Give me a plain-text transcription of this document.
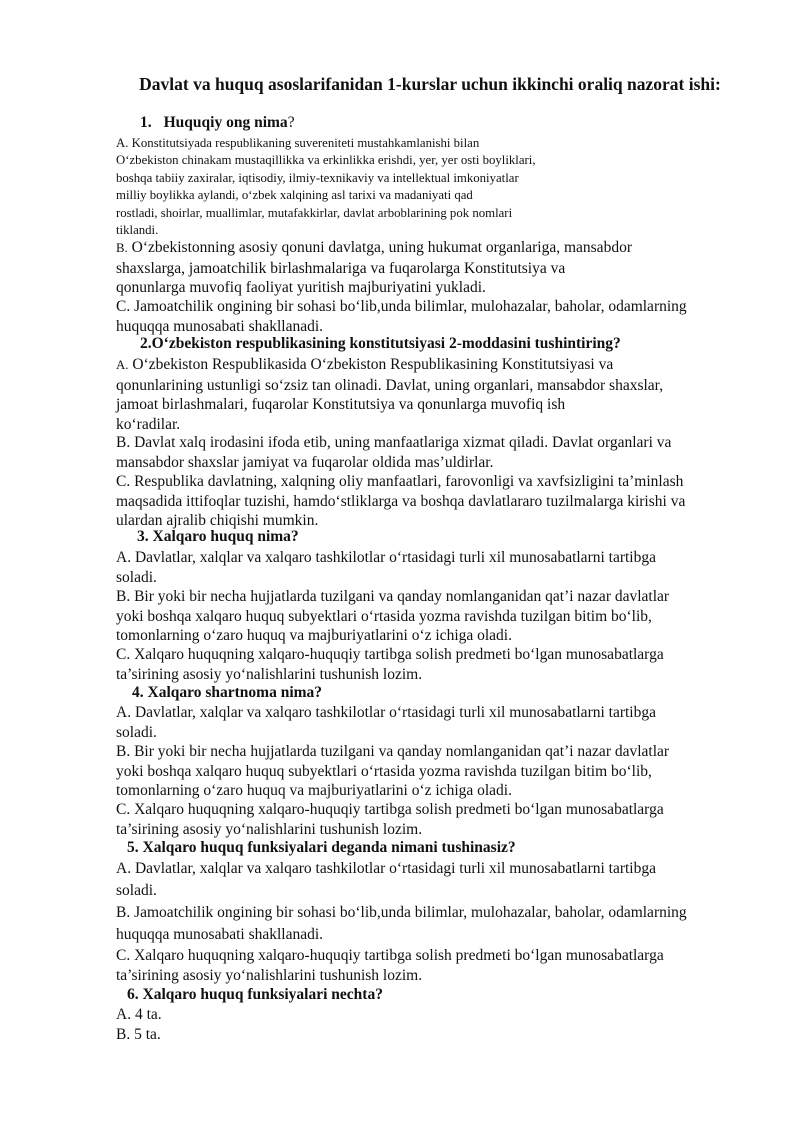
Davlat va huquq asoslarifanidan 1-kurslar uchun ikkinchi oraliq nazorat ishi:
1. Huquqiy ong nima?
A. Konstitutsiyada respublikaning suvereniteti mustahkamlanishi bilan
O‘zbekiston chinakam mustaqillikka va erkinlikka erishdi, yer, yer osti boyliklari,
boshqa tabiiy zaxiralar, iqtisodiy, ilmiy-texnikaviy va intellektual imkoniyatlar
milliy boylikka aylandi, o‘zbek xalqining asl tarixi va madaniyati qad
rostladi, shoirlar, muallimlar, mutafakkirlar, davlat arboblarining pok nomlari
tiklandi.
B. O‘zbekistonning asosiy qonuni davlatga, uning hukumat organlariga, mansabdor
shaxslarga, jamoatchilik birlashmalariga va fuqarolarga Konstitutsiya va
qonunlarga muvofiq faoliyat yuritish majburiyatini yukladi.
C. Jamoatchilik ongining bir sohasi bo‘lib,unda bilimlar, mulohazalar, baholar, odamlarning
huquqqa munosabati shakllanadi.
2.O‘zbekiston respublikasining konstitutsiyasi 2-moddasini tushintiring?
A. O‘zbekiston Respublikasida O‘zbekiston Respublikasining Konstitutsiyasi va
qonunlarining ustunligi so‘zsiz tan olinadi. Davlat, uning organlari, mansabdor shaxslar,
jamoat birlashmalari, fuqarolar Konstitutsiya va qonunlarga muvofiq ish
ko‘radilar.
B. Davlat xalq irodasini ifoda etib, uning manfaatlariga xizmat qiladi. Davlat organlari va
mansabdor shaxslar jamiyat va fuqarolar oldida mas’uldirlar.
C. Respublika davlatning, xalqning oliy manfaatlari, farovonligi va xavfsizligini ta’minlash
maqsadida ittifoqlar tuzishi, hamdo‘stliklarga va boshqa davlatlararo tuzilmalarga kirishi va
ulardan ajralib chiqishi mumkin.
3. Xalqaro huquq nima?
A. Davlatlar, xalqlar va xalqaro tashkilotlar o‘rtasidagi turli xil munosabatlarni tartibga
soladi.
B. Bir yoki bir necha hujjatlarda tuzilgani va qanday nomlanganidan qat’i nazar davlatlar
yoki boshqa xalqaro huquq subyektlari o‘rtasida yozma ravishda tuzilgan bitim bo‘lib,
tomonlarning o‘zaro huquq va majburiyatlarini o‘z ichiga oladi.
C. Xalqaro huquqning xalqaro-huquqiy tartibga solish predmeti bo‘lgan munosabatlarga
ta’sirining asosiy yo‘nalishlarini tushunish lozim.
4. Xalqaro shartnoma nima?
A. Davlatlar, xalqlar va xalqaro tashkilotlar o‘rtasidagi turli xil munosabatlarni tartibga
soladi.
B. Bir yoki bir necha hujjatlarda tuzilgani va qanday nomlanganidan qat’i nazar davlatlar
yoki boshqa xalqaro huquq subyektlari o‘rtasida yozma ravishda tuzilgan bitim bo‘lib,
tomonlarning o‘zaro huquq va majburiyatlarini o‘z ichiga oladi.
C. Xalqaro huquqning xalqaro-huquqiy tartibga solish predmeti bo‘lgan munosabatlarga
ta’sirining asosiy yo‘nalishlarini tushunish lozim.
5. Xalqaro huquq funksiyalari deganda nimani tushinasiz?
A. Davlatlar, xalqlar va xalqaro tashkilotlar o‘rtasidagi turli xil munosabatlarni tartibga
soladi.
B. Jamoatchilik ongining bir sohasi bo‘lib,unda bilimlar, mulohazalar, baholar, odamlarning
huquqqa munosabati shakllanadi.
C. Xalqaro huquqning xalqaro-huquqiy tartibga solish predmeti bo‘lgan munosabatlarga
ta’sirining asosiy yo‘nalishlarini tushunish lozim.
6. Xalqaro huquq funksiyalari nechta?
A. 4 ta.
B. 5 ta.
